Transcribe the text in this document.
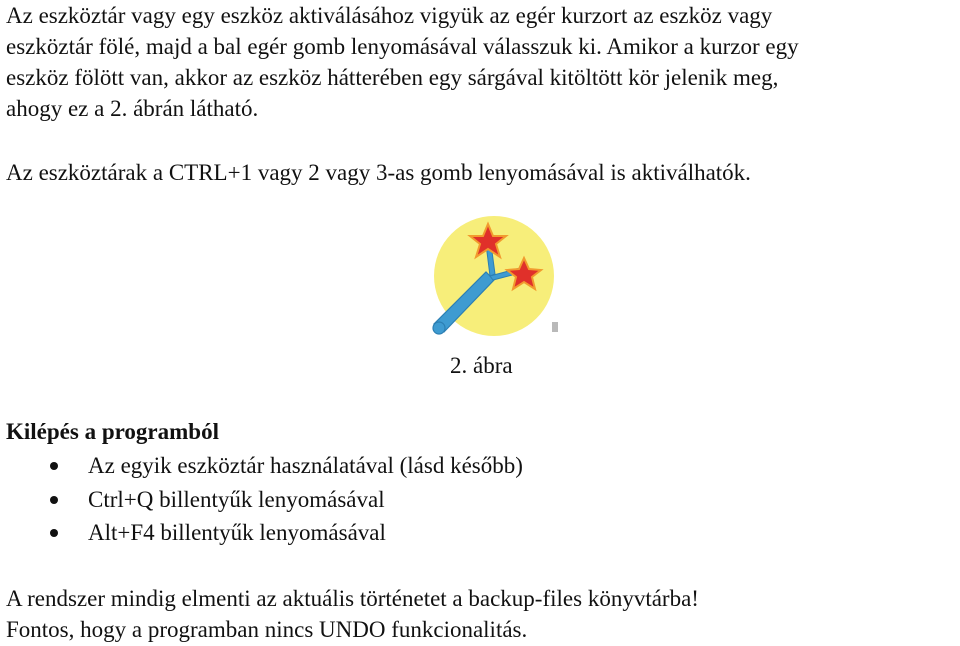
Az eszköztár vagy egy eszköz aktiválásához vigyük az egér kurzort az eszköz vagy

eszköztár fölé, majd a bal egér gomb lenyomásával válasszuk ki. Amikor a kurzor egy

eszköz fölött van, akkor az eszköz hátterében egy sárgával kitöltött kör jelenik meg,

ahogy ez a 2. ábrán látható.

Az eszköztárak a CTRL+1 vagy 2 vagy 3-as gomb lenyomásával is aktiválhatók.

2. ábra
Kilépés a programból
Az egyik eszköztár használatával (lásd később)
Ctrl+Q billentyűk lenyomásával
Alt+F4 billentyűk lenyomásával

A rendszer mindig elmenti az aktuális történetet a backup-files könyvtárba!

Fontos, hogy a programban nincs UNDO funkcionalitás.
